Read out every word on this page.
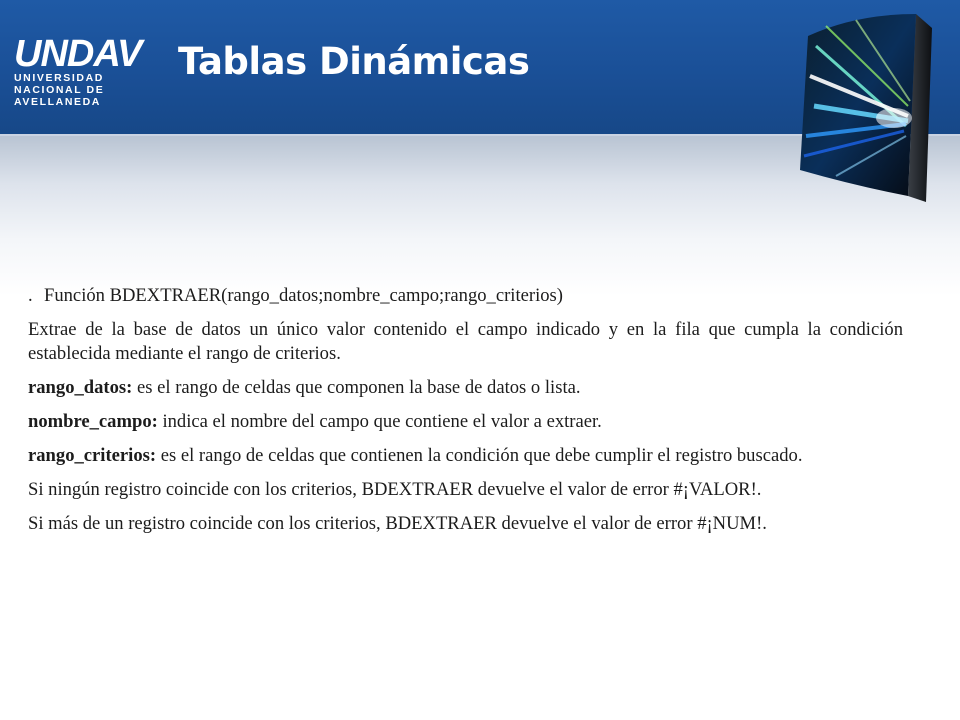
UNDAV
UNIVERSIDAD
NACIONAL DE
AVELLANEDA
Tablas Dinámicas

. Función BDEXTRAER(rango_datos;nombre_campo;rango_criterios)

Extrae de la base de datos un único valor contenido el campo indicado y en la fila que cumpla la condición establecida mediante el rango de criterios.

rango_datos: es el rango de celdas que componen la base de datos o lista.

nombre_campo: indica el nombre del campo que contiene el valor a extraer.

rango_criterios: es el rango de celdas que contienen la condición que debe cumplir el registro buscado.

Si ningún registro coincide con los criterios, BDEXTRAER devuelve el valor de error #¡VALOR!.

Si más de un registro coincide con los criterios, BDEXTRAER devuelve el valor de error #¡NUM!.
